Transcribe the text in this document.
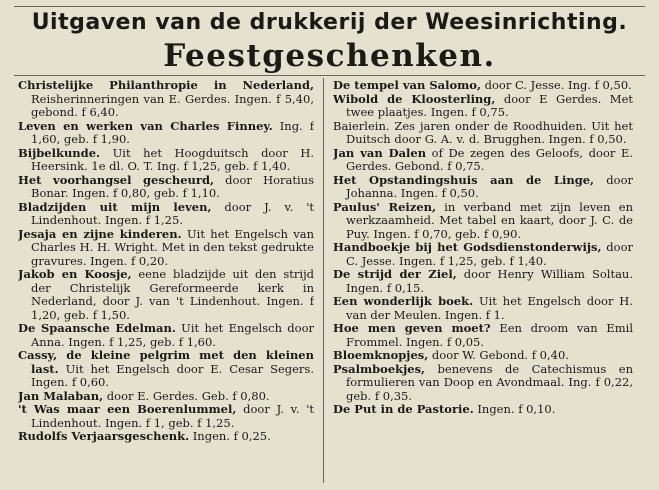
Uitgaven van de drukkerij der Weesinrichting.
Feestgeschenken.
Christelijke Philanthropie in Nederland, Reisherinneringen van E. Gerdes. Ingen. f 5,40, gebond. f 6,40.
Leven en werken van Charles Finney. Ing. f 1,60, geb. f 1,90.
Bijbelkunde. Uit het Hoogduitsch door H. Heersink. 1e dl. O. T. Ing. f 1,25, geb. f 1,40.
Het voorhangsel gescheurd, door Horatius Bonar. Ingen. f 0,80, geb. f 1,10.
Bladzijden uit mijn leven, door J. v. 't Lindenhout. Ingen. f 1,25.
Jesaja en zijne kinderen. Uit het Engelsch van Charles H. H. Wright. Met in den tekst gedrukte gravures. Ingen. f 0,20.
Jakob en Koosje, eene bladzijde uit den strijd der Christelijk Gereformeerde kerk in Nederland, door J. van 't Lindenhout. Ingen. f 1,20, geb. f 1,50.
De Spaansche Edelman. Uit het Engelsch door Anna. Ingen. f 1,25, geb. f 1,60.
Cassy, de kleine pelgrim met den kleinen last. Uit het Engelsch door E. Cesar Segers. Ingen. f 0,60.
Jan Malaban, door E. Gerdes. Geb. f 0,80.
't Was maar een Boerenlummel, door J. v. 't Lindenhout. Ingen. f 1, geb. f 1,25.
Rudolfs Verjaarsgeschenk. Ingen. f 0,25.
De tempel van Salomo, door C. Jesse. Ing. f 0,50.
Wibold de Kloosterling, door E Gerdes. Met twee plaatjes. Ingen. f 0,75.
Baierlein. Zes jaren onder de Roodhuiden. Uit het Duitsch door G. A. v. d. Brugghen. Ingen. f 0,50.
Jan van Dalen of De zegen des Geloofs, door E. Gerdes. Gebond. f 0,75.
Het Opstandingshuis aan de Linge, door Johanna. Ingen. f 0,50.
Paulus' Reizen, in verband met zijn leven en werkzaamheid. Met tabel en kaart, door J. C. de Puy. Ingen. f 0,70, geb. f 0,90.
Handboekje bij het Godsdienstonderwijs, door C. Jesse. Ingen. f 1,25, geb. f 1,40.
De strijd der Ziel, door Henry William Soltau. Ingen. f 0,15.
Een wonderlijk boek. Uit het Engelsch door H. van der Meulen. Ingen. f 1.
Hoe men geven moet? Een droom van Emil Frommel. Ingen. f 0,05.
Bloemknopjes, door W. Gebond. f 0,40.
Psalmboekjes, benevens de Catechismus en formulieren van Doop en Avondmaal. Ing. f 0,22, geb. f 0,35.
De Put in de Pastorie. Ingen. f 0,10.
